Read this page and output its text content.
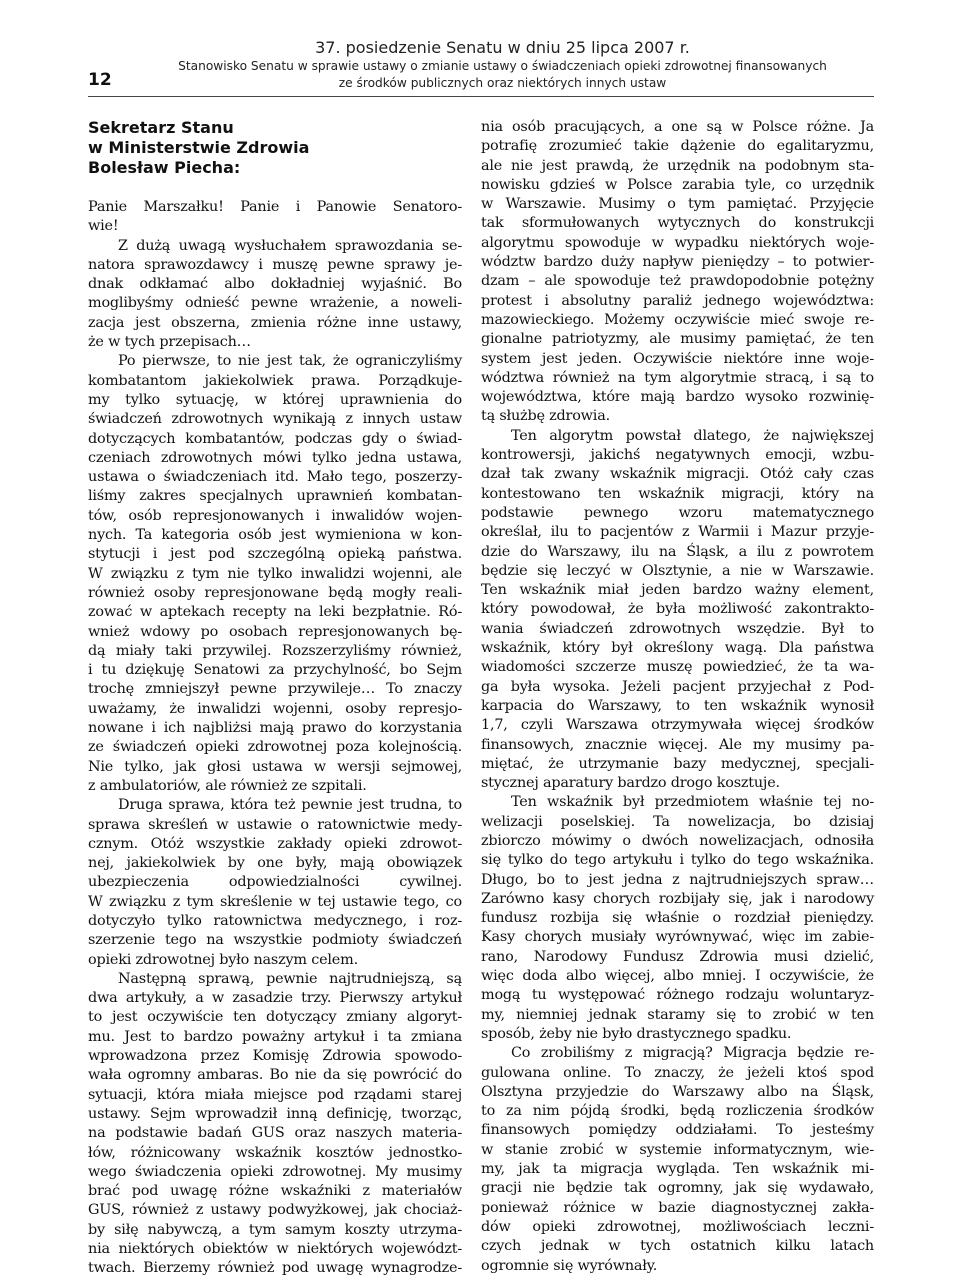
12
37. posiedzenie Senatu w dniu 25 lipca 2007 r.
Stanowisko Senatu w sprawie ustawy o zmianie ustawy o świadczeniach opieki zdrowotnej finansowanych
ze środków publicznych oraz niektórych innych ustaw
Sekretarz Stanu
w Ministerstwie Zdrowia
Bolesław Piecha:
Panie Marszałku! Panie i Panowie Senatoro-
wie!
Z dużą uwagą wysłuchałem sprawozdania se-
natora sprawozdawcy i muszę pewne sprawy je-
dnak odkłamać albo dokładniej wyjaśnić. Bo
moglibyśmy odnieść pewne wrażenie, a noweli-
zacja jest obszerna, zmienia różne inne ustawy,
że w tych przepisach…
Po pierwsze, to nie jest tak, że ograniczyliśmy
kombatantom jakiekolwiek prawa. Porządkuje-
my tylko sytuację, w której uprawnienia do
świadczeń zdrowotnych wynikają z innych ustaw
dotyczących kombatantów, podczas gdy o świad-
czeniach zdrowotnych mówi tylko jedna ustawa,
ustawa o świadczeniach itd. Mało tego, poszerzy-
liśmy zakres specjalnych uprawnień kombatan-
tów, osób represjonowanych i inwalidów wojen-
nych. Ta kategoria osób jest wymieniona w kon-
stytucji i jest pod szczególną opieką państwa.
W związku z tym nie tylko inwalidzi wojenni, ale
również osoby represjonowane będą mogły reali-
zować w aptekach recepty na leki bezpłatnie. Ró-
wnież wdowy po osobach represjonowanych bę-
dą miały taki przywilej. Rozszerzyliśmy również,
i tu dziękuję Senatowi za przychylność, bo Sejm
trochę zmniejszył pewne przywileje… To znaczy
uważamy, że inwalidzi wojenni, osoby represjo-
nowane i ich najbliżsi mają prawo do korzystania
ze świadczeń opieki zdrowotnej poza kolejnością.
Nie tylko, jak głosi ustawa w wersji sejmowej,
z ambulatoriów, ale również ze szpitali.
Druga sprawa, która też pewnie jest trudna, to
sprawa skreśleń w ustawie o ratownictwie medy-
cznym. Otóż wszystkie zakłady opieki zdrowot-
nej, jakiekolwiek by one były, mają obowiązek
ubezpieczenia odpowiedzialności cywilnej.
W związku z tym skreślenie w tej ustawie tego, co
dotyczyło tylko ratownictwa medycznego, i roz-
szerzenie tego na wszystkie podmioty świadczeń
opieki zdrowotnej było naszym celem.
Następną sprawą, pewnie najtrudniejszą, są
dwa artykuły, a w zasadzie trzy. Pierwszy artykuł
to jest oczywiście ten dotyczący zmiany algoryt-
mu. Jest to bardzo poważny artykuł i ta zmiana
wprowadzona przez Komisję Zdrowia spowodo-
wała ogromny ambaras. Bo nie da się powrócić do
sytuacji, która miała miejsce pod rządami starej
ustawy. Sejm wprowadził inną definicję, tworząc,
na podstawie badań GUS oraz naszych materia-
łów, różnicowany wskaźnik kosztów jednostko-
wego świadczenia opieki zdrowotnej. My musimy
brać pod uwagę różne wskaźniki z materiałów
GUS, również z ustawy podwyżkowej, jak chociaż-
by siłę nabywczą, a tym samym koszty utrzyma-
nia niektórych obiektów w niektórych województ-
twach. Bierzemy również pod uwagę wynagrodze-
nia osób pracujących, a one są w Polsce różne. Ja
potrafię zrozumieć takie dążenie do egalitaryzmu,
ale nie jest prawdą, że urzędnik na podobnym sta-
nowisku gdzieś w Polsce zarabia tyle, co urzędnik
w Warszawie. Musimy o tym pamiętać. Przyjęcie
tak sformułowanych wytycznych do konstrukcji
algorytmu spowoduje w wypadku niektórych woje-
wództw bardzo duży napływ pieniędzy – to potwier-
dzam – ale spowoduje też prawdopodobnie potężny
protest i absolutny paraliż jednego województwa:
mazowieckiego. Możemy oczywiście mieć swoje re-
gionalne patriotyzmy, ale musimy pamiętać, że ten
system jest jeden. Oczywiście niektóre inne woje-
wództwa również na tym algorytmie stracą, i są to
województwa, które mają bardzo wysoko rozwinię-
tą służbę zdrowia.
Ten algorytm powstał dlatego, że największej
kontrowersji, jakichś negatywnych emocji, wzbu-
dzał tak zwany wskaźnik migracji. Otóż cały czas
kontestowano ten wskaźnik migracji, który na
podstawie pewnego wzoru matematycznego
określał, ilu to pacjentów z Warmii i Mazur przyje-
dzie do Warszawy, ilu na Śląsk, a ilu z powrotem
będzie się leczyć w Olsztynie, a nie w Warszawie.
Ten wskaźnik miał jeden bardzo ważny element,
który powodował, że była możliwość zakontrakto-
wania świadczeń zdrowotnych wszędzie. Był to
wskaźnik, który był określony wagą. Dla państwa
wiadomości szczerze muszę powiedzieć, że ta wa-
ga była wysoka. Jeżeli pacjent przyjechał z Pod-
karpacia do Warszawy, to ten wskaźnik wynosił
1,7, czyli Warszawa otrzymywała więcej środków
finansowych, znacznie więcej. Ale my musimy pa-
miętać, że utrzymanie bazy medycznej, specjali-
stycznej aparatury bardzo drogo kosztuje.
Ten wskaźnik był przedmiotem właśnie tej no-
welizacji poselskiej. Ta nowelizacja, bo dzisiaj
zbiorczo mówimy o dwóch nowelizacjach, odnosiła
się tylko do tego artykułu i tylko do tego wskaźnika.
Długo, bo to jest jedna z najtrudniejszych spraw…
Zarówno kasy chorych rozbijały się, jak i narodowy
fundusz rozbija się właśnie o rozdział pieniędzy.
Kasy chorych musiały wyrównywać, więc im zabie-
rano, Narodowy Fundusz Zdrowia musi dzielić,
więc doda albo więcej, albo mniej. I oczywiście, że
mogą tu występować różnego rodzaju woluntaryz-
my, niemniej jednak staramy się to zrobić w ten
sposób, żeby nie było drastycznego spadku.
Co zrobiliśmy z migracją? Migracja będzie re-
gulowana online. To znaczy, że jeżeli ktoś spod
Olsztyna przyjedzie do Warszawy albo na Śląsk,
to za nim pójdą środki, będą rozliczenia środków
finansowych pomiędzy oddziałami. To jesteśmy
w stanie zrobić w systemie informatycznym, wie-
my, jak ta migracja wygląda. Ten wskaźnik mi-
gracji nie będzie tak ogromny, jak się wydawało,
ponieważ różnice w bazie diagnostycznej zakła-
dów opieki zdrowotnej, możliwościach leczni-
czych jednak w tych ostatnich kilku latach
ogromnie się wyrównały.
